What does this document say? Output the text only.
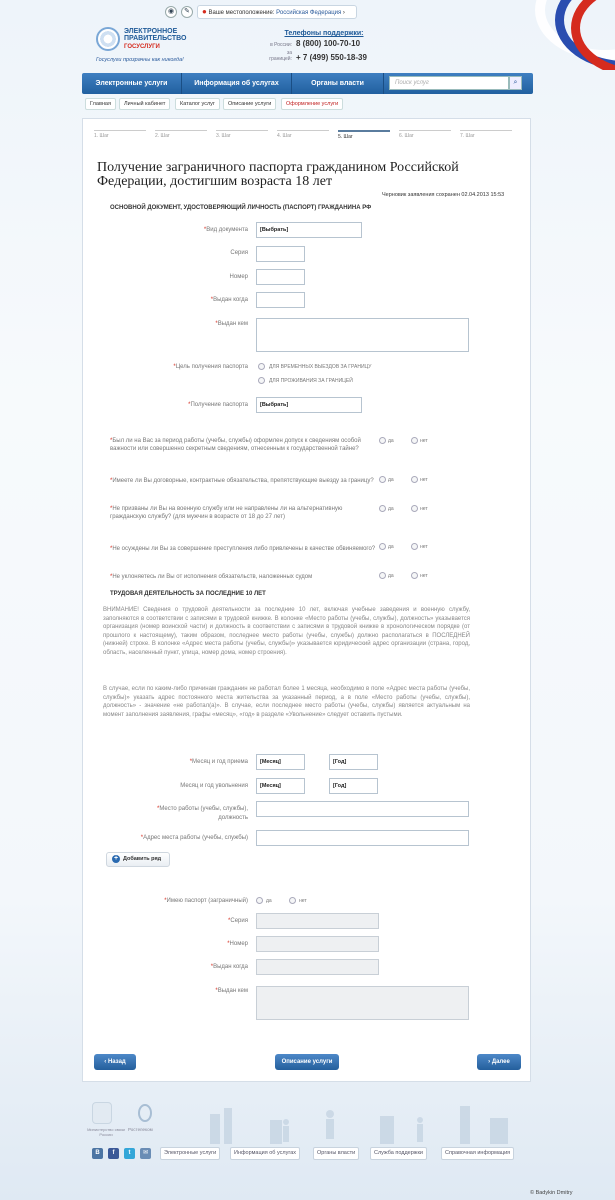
◉	✎	● Ваше местоположение: Российская Федерация ›
ЭЛЕКТРОННОЕ ПРАВИТЕЛЬСТВО
ГОСУСЛУГИ
Госуслуги прозрачны как никогда!
Телефоны поддержки:
в России: 8 (800) 100-70-10
за границей: + 7 (499) 550-18-39
Электронные услуги	Информация об услугах	Органы власти	Поиск услуг	⌕
Главная	Личный кабинет	Каталог услуг	Описание услуги	Оформление услуги
1. Шаг	2. Шаг	3. Шаг	4. Шаг	5. Шаг	6. Шаг	7. Шаг
Получение заграничного паспорта гражданином Российской Федерации, достигшим возраста 18 лет
Черновик заявления сохранен 02.04.2013 15:53
ОСНОВНОЙ ДОКУМЕНТ, УДОСТОВЕРЯЮЩИЙ ЛИЧНОСТЬ (ПАСПОРТ) ГРАЖДАНИНА РФ
*Вид документа	[Выбрать]
Серия
Номер
*Выдан когда
*Выдан кем
*Цель получения паспорта	ДЛЯ ВРЕМЕННЫХ ВЫЕЗДОВ ЗА ГРАНИЦУ
ДЛЯ ПРОЖИВАНИЯ ЗА ГРАНИЦЕЙ
*Получение паспорта	[Выбрать]
*Был ли на Вас за период работы (учебы, службы) оформлен допуск к сведениям особой важности или совершенно секретным сведениям, отнесенным к государственной тайне?
да	нет
*Имеете ли Вы договорные, контрактные обязательства, препятствующие выезду за границу?	да	нет
*Не призваны ли Вы на военную службу или не направлены ли на альтернативную гражданскую службу? (для мужчин в возрасте от 18 до 27 лет)
да	нет
*Не осуждены ли Вы за совершение преступления либо привлечены в качестве обвиняемого?	да	нет
*Не уклоняетесь ли Вы от исполнения обязательств, наложенных судом	да	нет
ТРУДОВАЯ ДЕЯТЕЛЬНОСТЬ ЗА ПОСЛЕДНИЕ 10 ЛЕТ
ВНИМАНИЕ! Сведения о трудовой деятельности за последние 10 лет, включая учебные заведения и военную службу, заполняются в соответствии с записями в трудовой книжке. В колонке «Место работы (учебы, службы), должность» указывается организация (номер воинской части) и должность в соответствии с записями в трудовой книжке в хронологическом порядке (от прошлого к настоящему), таким образом, последнее место работы (учебы, службы) должно располагаться в ПОСЛЕДНЕЙ (нижней) строке. В колонке «Адрес места работы (учебы, службы)» указывается юридический адрес организации (страна, город, область, населенный пункт, улица, номер дома, номер строения).
В случае, если по каким-либо причинам гражданин не работал более 1 месяца, необходимо в поле «Адрес места работы (учебы, службы)» указать адрес постоянного места жительства за указанный период, а в поле «Место работы (учебы, службы), должность» - значение «не работал(а)». В случае, если последнее место работы (учебы, службы) является актуальным на момент заполнения заявления, графы «месяц», «год» в разделе «Увольнение» следует оставить пустыми.
*Месяц и год приема	[Месяц]	[Год]
Месяц и год увольнения	[Месяц]	[Год]
*Место работы (учебы, службы),
должность
*Адрес места работы (учебы, службы)
+ Добавить ряд
*Имею паспорт (заграничный)	да	нет
*Серия
*Номер
*Выдан когда
*Выдан кем
‹ Назад	Описание услуги	› Далее
Министерство связи России
Ростелеком
В	f	t	✉	Электронные услуги	Информация об услугах	Органы власти	Служба поддержки	Справочная информация
© Badykin Dmitry
